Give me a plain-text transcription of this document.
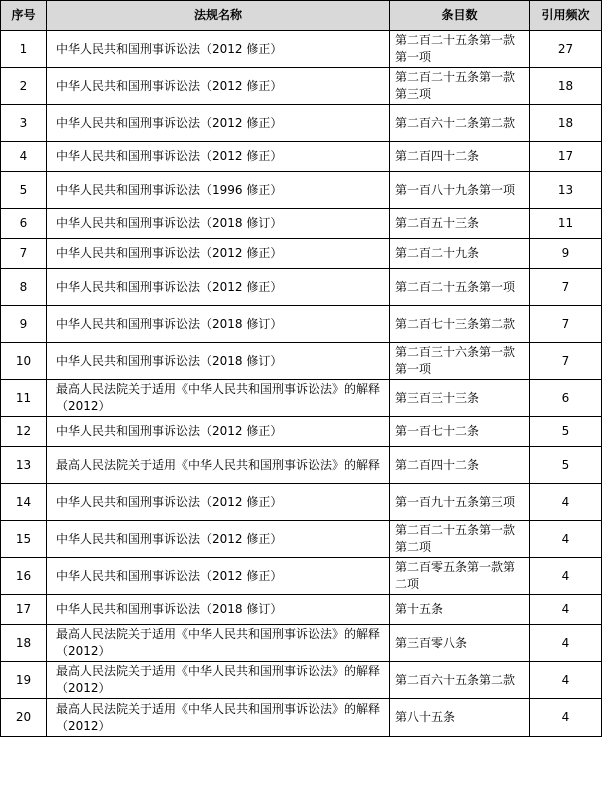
序号	法规名称	条目数	引用频次
1	中华人民共和国刑事诉讼法（2012 修正）	第二百二十五条第一款第一项	27
2	中华人民共和国刑事诉讼法（2012 修正）	第二百二十五条第一款第三项	18
3	中华人民共和国刑事诉讼法（2012 修正）	第二百六十二条第二款	18
4	中华人民共和国刑事诉讼法（2012 修正）	第二百四十二条	17
5	中华人民共和国刑事诉讼法（1996 修正）	第一百八十九条第一项	13
6	中华人民共和国刑事诉讼法（2018 修订）	第二百五十三条	11
7	中华人民共和国刑事诉讼法（2012 修正）	第二百二十九条	9
8	中华人民共和国刑事诉讼法（2012 修正）	第二百二十五条第一项	7
9	中华人民共和国刑事诉讼法（2018 修订）	第二百七十三条第二款	7
10	中华人民共和国刑事诉讼法（2018 修订）	第二百三十六条第一款第一项	7
11	最高人民法院关于适用《中华人民共和国刑事诉讼法》的解释（2012）	第三百三十三条	6
12	中华人民共和国刑事诉讼法（2012 修正）	第一百七十二条	5
13	最高人民法院关于适用《中华人民共和国刑事诉讼法》的解释	第二百四十二条	5
14	中华人民共和国刑事诉讼法（2012 修正）	第一百九十五条第三项	4
15	中华人民共和国刑事诉讼法（2012 修正）	第二百二十五条第一款第二项	4
16	中华人民共和国刑事诉讼法（2012 修正）	第二百零五条第一款第二项	4
17	中华人民共和国刑事诉讼法（2018 修订）	第十五条	4
18	最高人民法院关于适用《中华人民共和国刑事诉讼法》的解释（2012）	第三百零八条	4
19	最高人民法院关于适用《中华人民共和国刑事诉讼法》的解释（2012）	第二百六十五条第二款	4
20	最高人民法院关于适用《中华人民共和国刑事诉讼法》的解释（2012）	第八十五条	4
